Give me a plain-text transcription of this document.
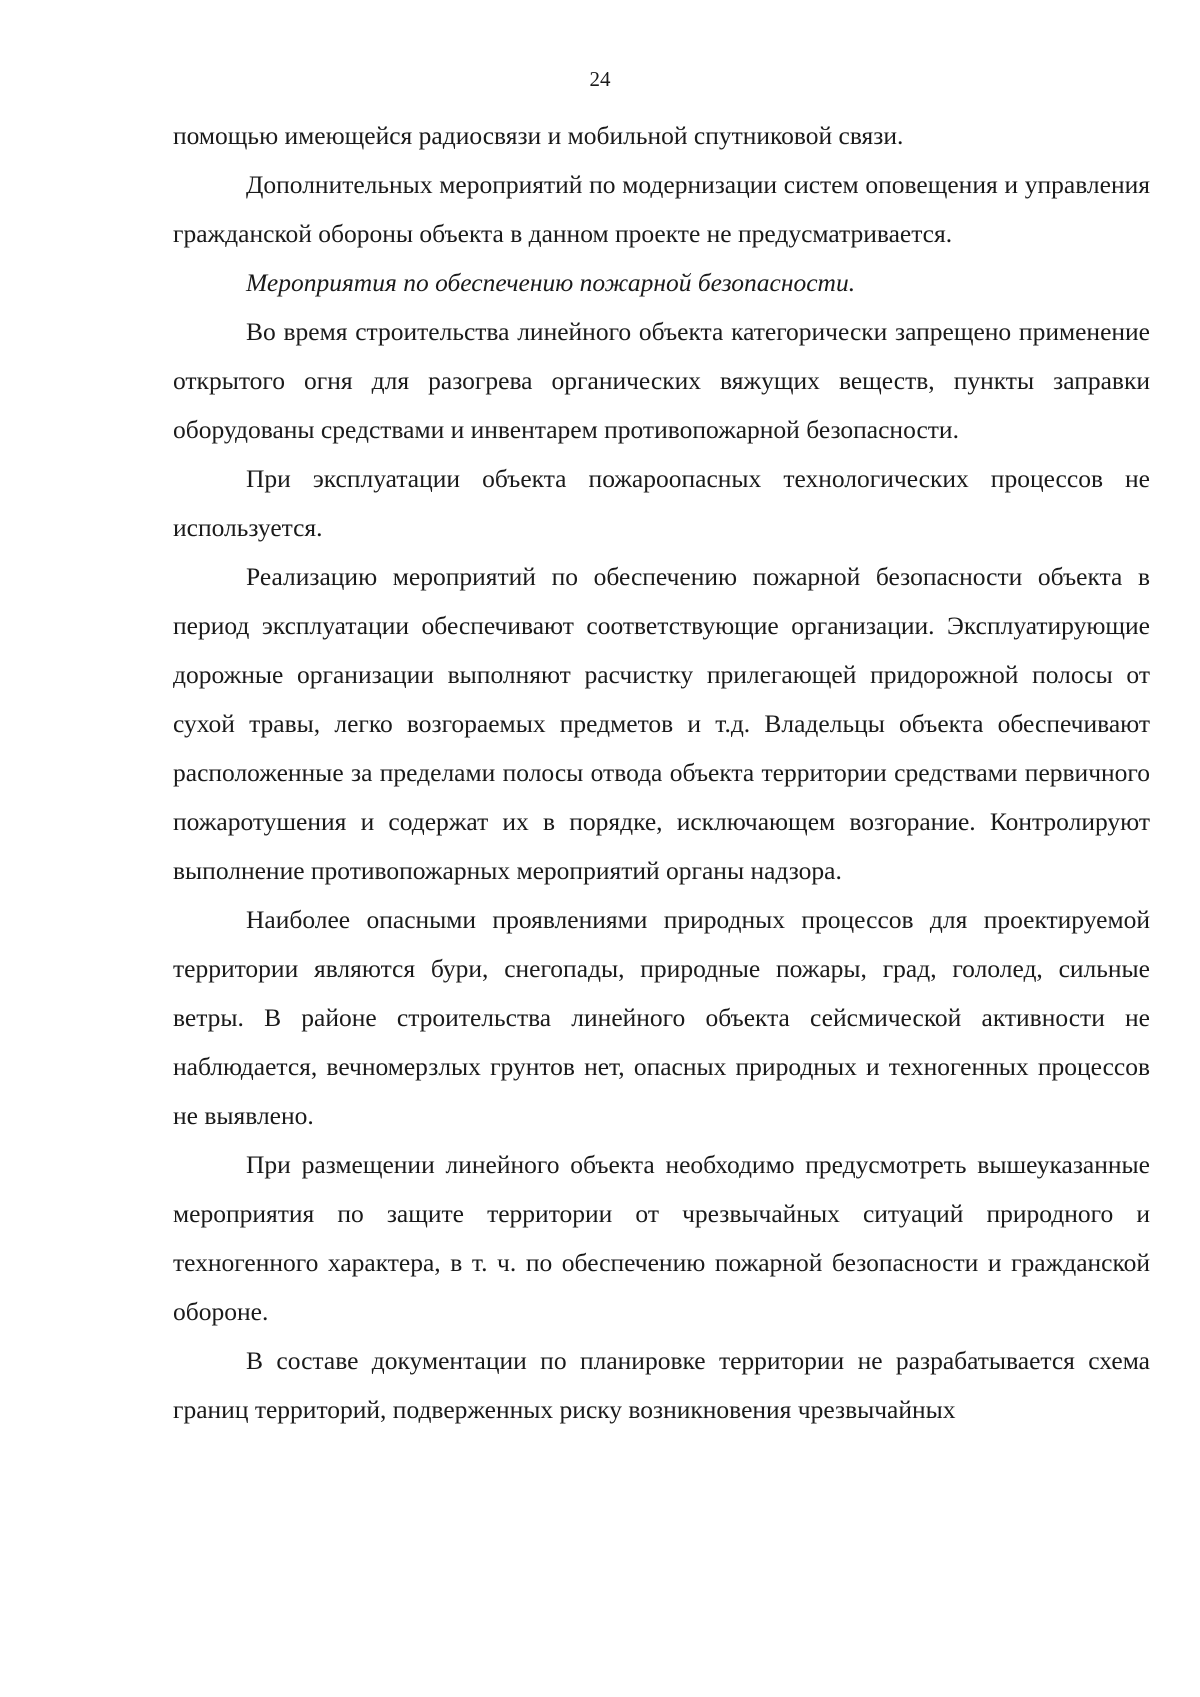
24

помощью имеющейся радиосвязи и мобильной спутниковой связи.

Дополнительных мероприятий по модернизации систем оповещения и управления гражданской обороны объекта в данном проекте не предусматривается.

Мероприятия по обеспечению пожарной безопасности.

Во время строительства линейного объекта категорически запрещено применение открытого огня для разогрева органических вяжущих веществ, пункты заправки оборудованы средствами и инвентарем противопожарной безопасности.

При эксплуатации объекта пожароопасных технологических процессов не используется.

Реализацию мероприятий по обеспечению пожарной безопасности объекта в период эксплуатации обеспечивают соответствующие организации. Эксплуатирующие дорожные организации выполняют расчистку прилегающей придорожной полосы от сухой травы, легко возгораемых предметов и т.д. Владельцы объекта обеспечивают расположенные за пределами полосы отвода объекта территории средствами первичного пожаротушения и содержат их в порядке, исключающем возгорание. Контролируют выполнение противопожарных мероприятий органы надзора.

Наиболее опасными проявлениями природных процессов для проектируемой территории являются бури, снегопады, природные пожары, град, гололед, сильные ветры. В районе строительства линейного объекта сейсмической активности не наблюдается, вечномерзлых грунтов нет, опасных природных и техногенных процессов не выявлено.

При размещении линейного объекта необходимо предусмотреть вышеуказанные мероприятия по защите территории от чрезвычайных ситуаций природного и техногенного характера, в т. ч. по обеспечению пожарной безопасности и гражданской обороне.

В составе документации по планировке территории не разрабатывается схема границ территорий, подверженных риску возникновения чрезвычайных
